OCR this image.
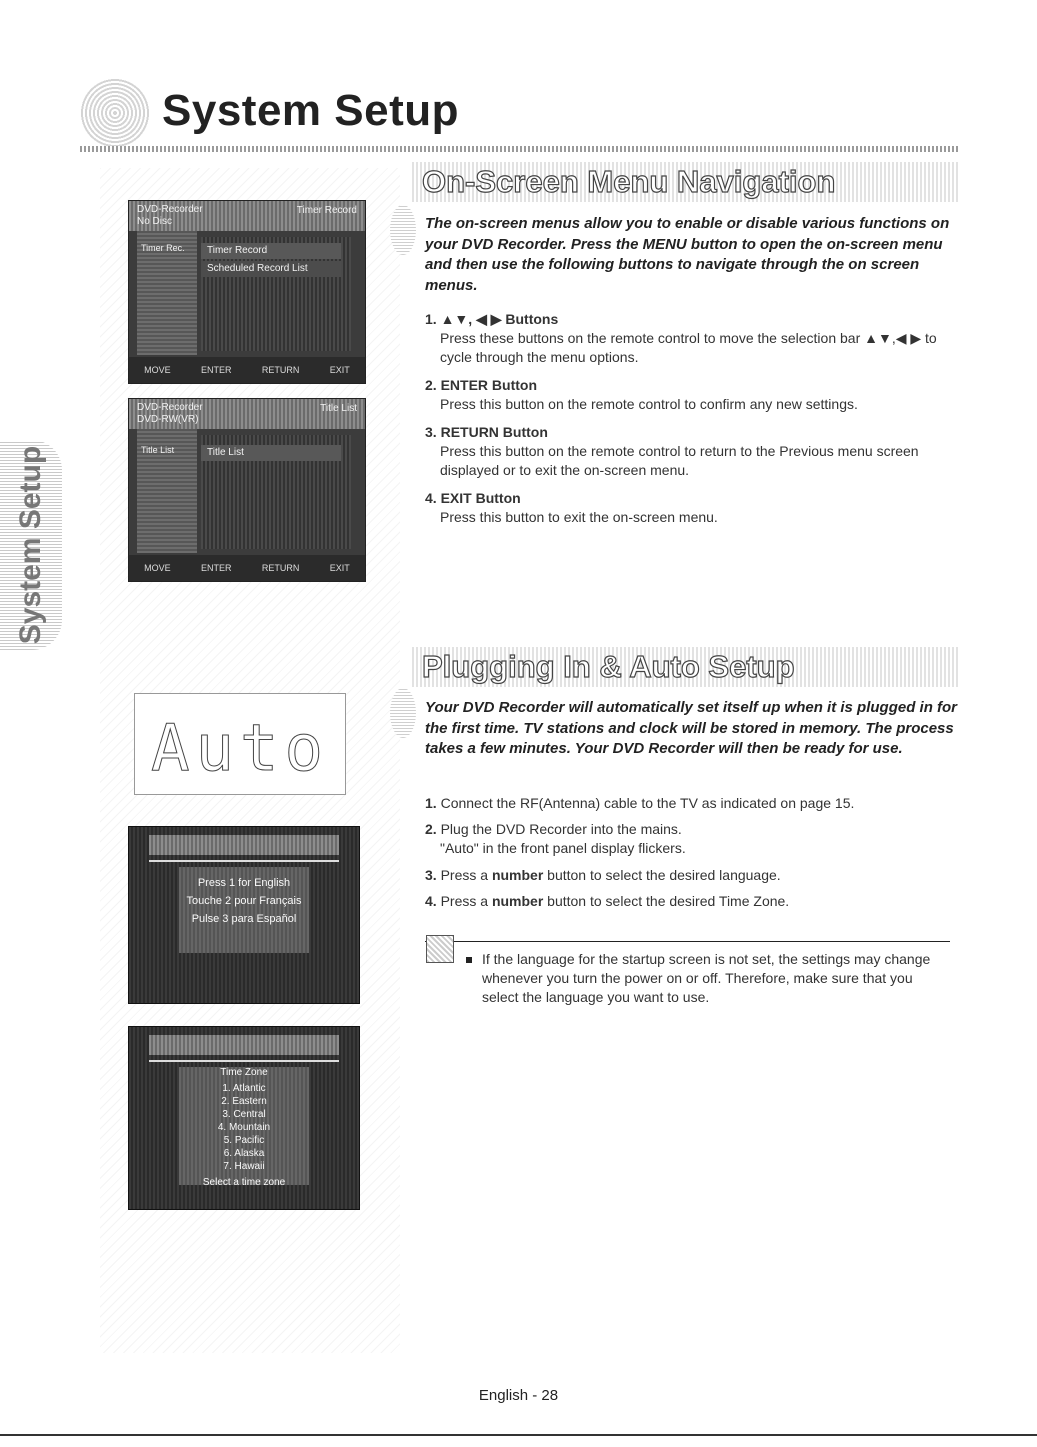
System Setup
System Setup
DVD-Recorder
No Disc
Timer Record
Timer Rec.	Timer Record
Scheduled Record List
MOVE	ENTER	RETURN	EXIT
DVD-Recorder
DVD-RW(VR)
Title List
Title List	Title List
MOVE	ENTER	RETURN	EXIT
Auto
Press 1 for English
Touche 2 pour Français
Pulse 3 para Español
Time Zone
1. Atlantic
2. Eastern
3. Central
4. Mountain
5. Pacific
6. Alaska
7. Hawaii
Select a time zone
On-Screen Menu Navigation
The on-screen menus allow you to enable or disable various functions on your DVD Recorder. Press the MENU button to open the on-screen menu and then use the following buttons to navigate through the on screen menus.
1. ▲▼, ◀ ▶ Buttons
Press these buttons on the remote control to move the selection bar ▲▼,◀ ▶ to cycle through the menu options.
2. ENTER Button
Press this button on the remote control to confirm any new settings.
3. RETURN Button
Press this button on the remote control to return to the Previous menu screen displayed or to exit the on-screen menu.
4. EXIT Button
Press this button to exit the on-screen menu.
Plugging In & Auto Setup
Your DVD Recorder will automatically set itself up when it is plugged in for the first time. TV stations and clock will be stored in memory. The process takes a few minutes. Your DVD Recorder will then be ready for use.
1. Connect the RF(Antenna) cable to the TV as indicated on page 15.
2. Plug the DVD Recorder into the mains.
"Auto" in the front panel display flickers.
3. Press a number button to select the desired language.
4. Press a number button to select the desired Time Zone.
If the language for the startup screen is not set, the settings may change whenever you turn the power on or off. Therefore, make sure that you select the language you want to use.
English - 28
